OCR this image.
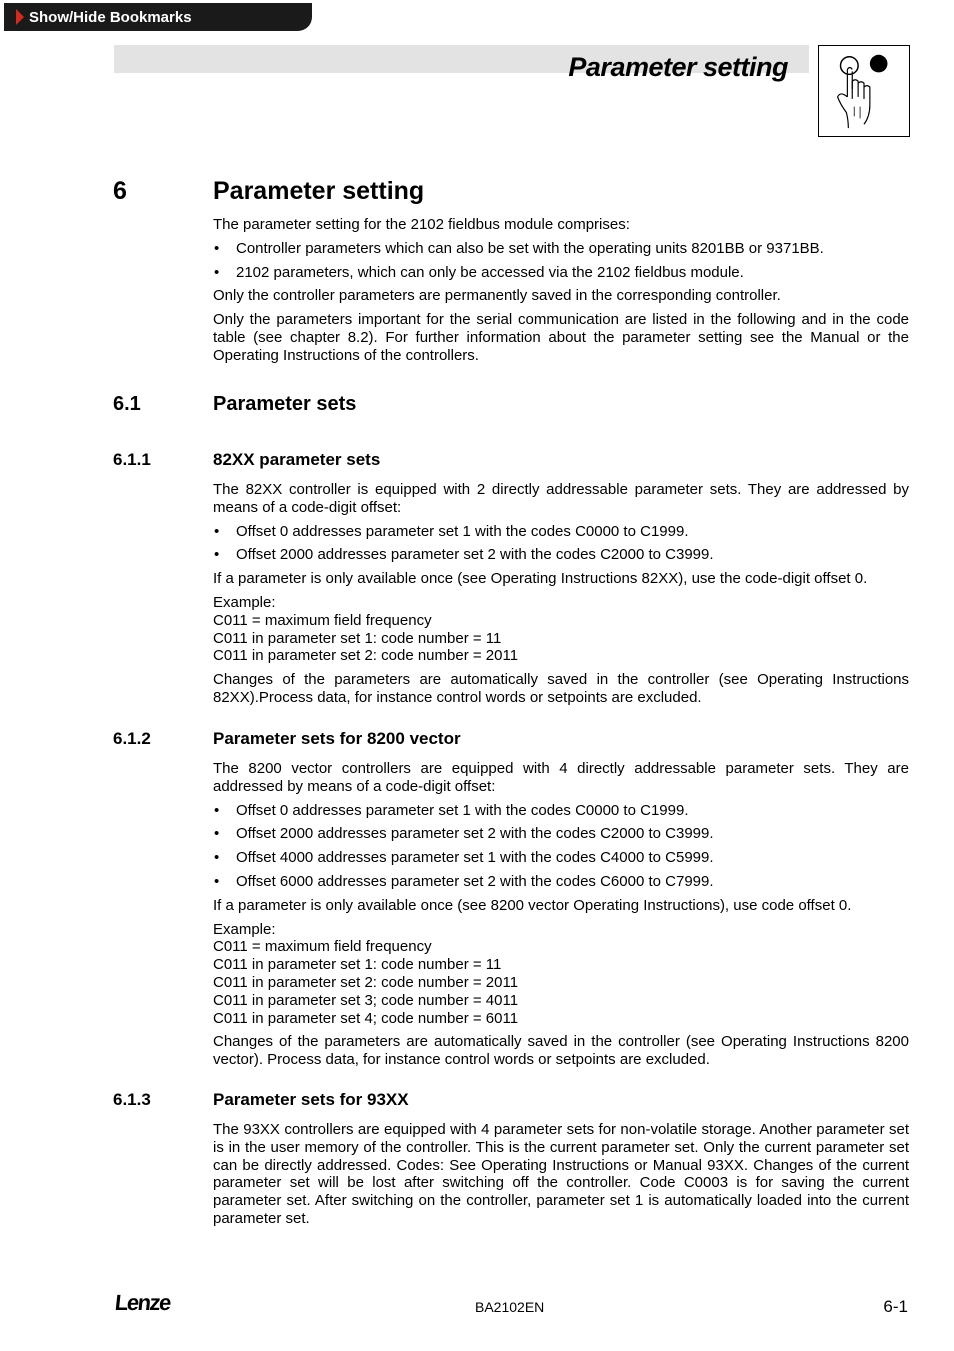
Show/Hide Bookmarks
Parameter setting
6	Parameter setting

The parameter setting for the 2102 fieldbus module comprises:

• Controller parameters which can also be set with the operating units 8201BB or 9371BB.
• 2102 parameters, which can only be accessed via the 2102 fieldbus module.

Only the controller parameters are permanently saved in the corresponding controller.

Only the parameters important for the serial communication are listed in the following and in the code table (see chapter 8.2). For further information about the parameter setting see the Manual or the Operating Instructions of the controllers.

6.1	Parameter sets
6.1.1	82XX parameter sets

The 82XX controller is equipped with 2 directly addressable parameter sets. They are addressed by means of a code-digit offset:

• Offset 0 addresses parameter set 1 with the codes C0000 to C1999.
• Offset 2000 addresses parameter set 2 with the codes C2000 to C3999.

If a parameter is only available once (see Operating Instructions 82XX), use the code-digit offset 0.

Example:
C011 = maximum field frequency
C011 in parameter set 1: code number = 11
C011 in parameter set 2: code number = 2011

Changes of the parameters are automatically saved in the controller (see Operating Instructions 82XX).Process data, for instance control words or setpoints are excluded.

6.1.2	Parameter sets for 8200 vector

The 8200 vector controllers are equipped with 4 directly addressable parameter sets. They are addressed by means of a code-digit offset:

• Offset 0 addresses parameter set 1 with the codes C0000 to C1999.
• Offset 2000 addresses parameter set 2 with the codes C2000 to C3999.
• Offset 4000 addresses parameter set 1 with the codes C4000 to C5999.
• Offset 6000 addresses parameter set 2 with the codes C6000 to C7999.

If a parameter is only available once (see 8200 vector Operating Instructions), use code offset 0.

Example:
C011 = maximum field frequency
C011 in parameter set 1: code number = 11
C011 in parameter set 2: code number = 2011
C011 in parameter set 3; code number = 4011
C011 in parameter set 4; code number = 6011

Changes of the parameters are automatically saved in the controller (see Operating Instructions 8200 vector). Process data, for instance control words or setpoints are excluded.

6.1.3	Parameter sets for 93XX

The 93XX controllers are equipped with 4 parameter sets for non-volatile storage. Another parameter set is in the user memory of the controller. This is the current parameter set. Only the current parameter set can be directly addressed. Codes: See Operating Instructions or Manual 93XX. Changes of the current parameter set will be lost after switching off the controller. Code C0003 is for saving the current parameter set. After switching on the controller, parameter set 1 is automatically loaded into the current parameter set.

Lenze	BA2102EN	6-1
